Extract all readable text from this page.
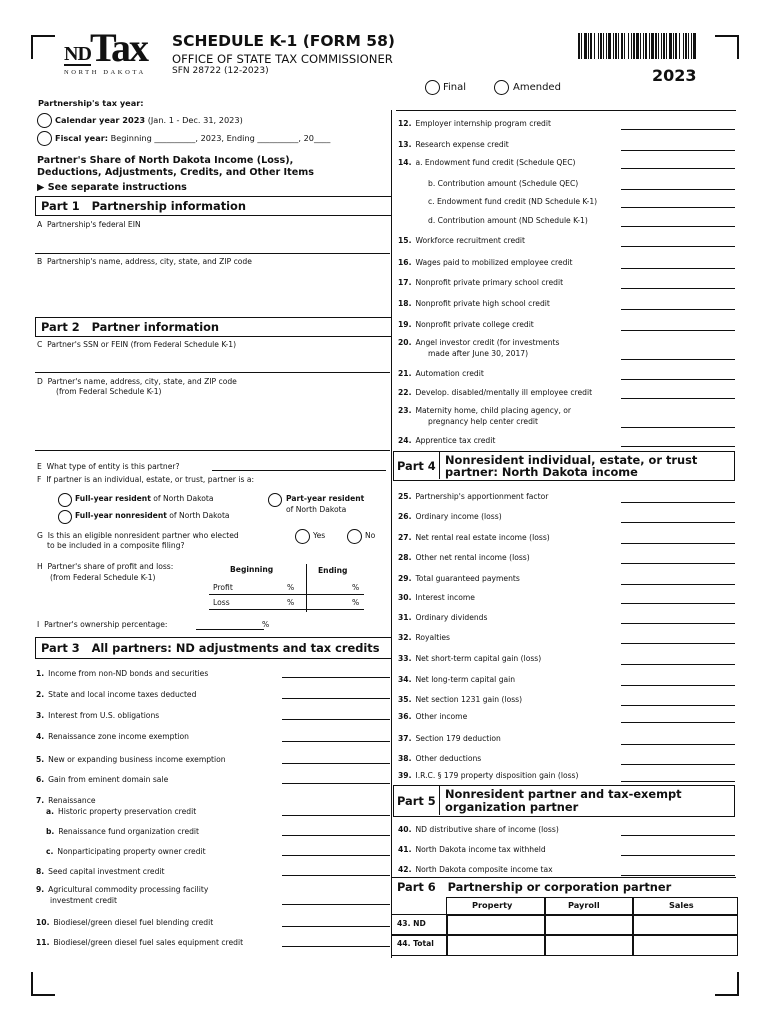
ND Tax
NORTH DAKOTA
SCHEDULE K-1 (FORM 58)
OFFICE OF STATE TAX COMMISSIONER
SFN 28722 (12-2023)	2023
Final	Amended
Partnership's tax year:
Calendar year 2023 (Jan. 1 - Dec. 31, 2023)
Fiscal year: Beginning __________, 2023, Ending __________, 20____
Partner's Share of North Dakota Income (Loss), Deductions, Adjustments, Credits, and Other Items
▶ See separate instructions
Part 1   Partnership information
A  Partnership's federal EIN
B  Partnership's name, address, city, state, and ZIP code
Part 2   Partner information
C  Partner's SSN or FEIN (from Federal Schedule K-1)
D  Partner's name, address, city, state, and ZIP code
(from Federal Schedule K-1)
E  What type of entity is this partner?
F  If partner is an individual, estate, or trust, partner is a:
Full-year resident of North Dakota
Full-year nonresident of North Dakota
Part-year resident
of North Dakota
G  Is this an eligible nonresident partner who elected
to be included in a composite filing?
Yes	No
H  Partner's share of profit and loss:
(from Federal Schedule K-1)
Beginning	Ending
Profit	%	%
Loss	%	%
I  Partner's ownership percentage:	%
Part 3   All partners: ND adjustments and tax credits
1. Income from non-ND bonds and securities
2. State and local income taxes deducted
3. Interest from U.S. obligations
4. Renaissance zone income exemption
5. New or expanding business income exemption
6. Gain from eminent domain sale
7. Renaissance
a. Historic property preservation credit
b. Renaissance fund organization credit
c. Nonparticipating property owner credit
8. Seed capital investment credit
9. Agricultural commodity processing facility
investment credit
10. Biodiesel/green diesel fuel blending credit
11. Biodiesel/green diesel fuel sales equipment credit
12. Employer internship program credit
13. Research expense credit
14. a. Endowment fund credit (Schedule QEC)
b. Contribution amount (Schedule QEC)
c. Endowment fund credit (ND Schedule K-1)
d. Contribution amount (ND Schedule K-1)
15. Workforce recruitment credit
16. Wages paid to mobilized employee credit
17. Nonprofit private primary school credit
18. Nonprofit private high school credit
19. Nonprofit private college credit
20. Angel investor credit (for investments
made after June 30, 2017)
21. Automation credit
22. Develop. disabled/mentally ill employee credit
23. Maternity home, child placing agency, or
pregnancy help center credit
24. Apprentice tax credit
25. Partnership's apportionment factor
26. Ordinary income (loss)
27. Net rental real estate income (loss)
28. Other net rental income (loss)
29. Total guaranteed payments
30. Interest income
31. Ordinary dividends
32. Royalties
33. Net short-term capital gain (loss)
34. Net long-term capital gain
35. Net section 1231 gain (loss)
36. Other income
37. Section 179 deduction
38. Other deductions
39. I.R.C. § 179 property disposition gain (loss)
40. ND distributive share of income (loss)
41. North Dakota income tax withheld
42. North Dakota composite income tax
Part 4 Nonresident individual, estate, or trust
partner: North Dakota income
Part 5 Nonresident partner and tax-exempt
organization partner
Part 6   Partnership or corporation partner
Property	Payroll	Sales
43. ND
44. Total
